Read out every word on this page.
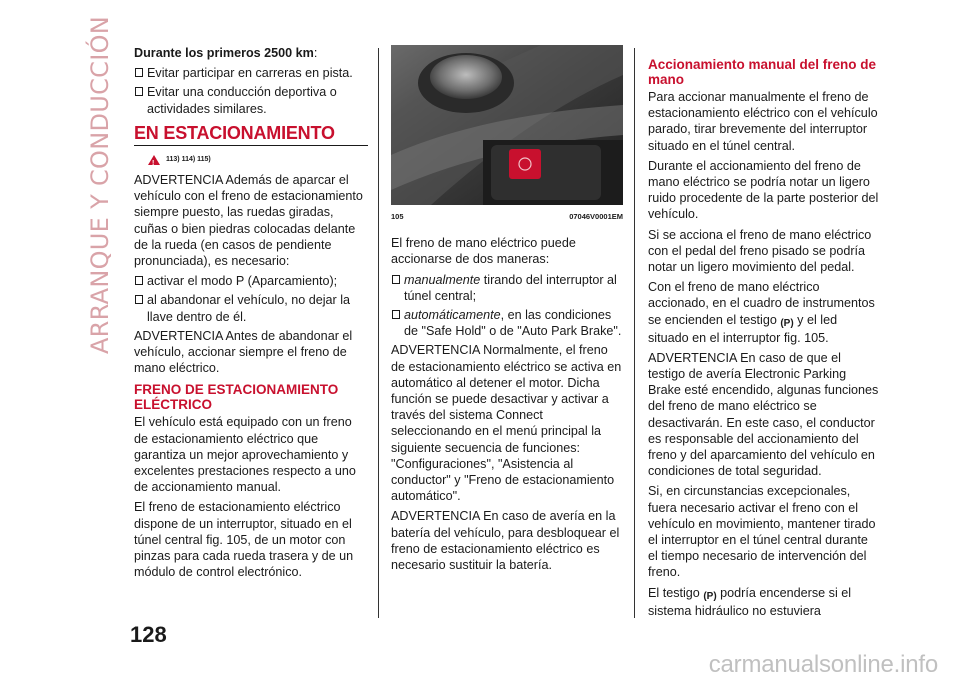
ARRANQUE Y CONDUCCIÓN Durante los primeros 2500 km:

Evitar participar en carreras en pista.
Evitar una conducción deportiva o actividades similares.
EN ESTACIONAMIENTO
!
113) 114) 115)

ADVERTENCIA Además de aparcar el vehículo con el freno de estacionamiento siempre puesto, las ruedas giradas, cuñas o bien piedras colocadas delante de la rueda (en casos de pendiente pronunciada), es necesario:

activar el modo P (Aparcamiento);
al abandonar el vehículo, no dejar la llave dentro de él.

ADVERTENCIA Antes de abandonar el vehículo, accionar siempre el freno de mano eléctrico.

FRENO DE ESTACIONAMIENTO ELÉCTRICO

El vehículo está equipado con un freno de estacionamiento eléctrico que garantiza un mejor aprovechamiento y excelentes prestaciones respecto a uno de accionamiento manual.

El freno de estacionamiento eléctrico dispone de un interruptor, situado en el túnel central fig. 105, de un motor con pinzas para cada rueda trasera y de un módulo de control electrónico.

105	07046V0001EM

El freno de mano eléctrico puede accionarse de dos maneras:

manualmente tirando del interruptor al túnel central;
automáticamente, en las condiciones de "Safe Hold" o de "Auto Park Brake".

ADVERTENCIA Normalmente, el freno de estacionamiento eléctrico se activa en automático al detener el motor. Dicha función se puede desactivar y activar a través del sistema Connect seleccionando en el menú principal la siguiente secuencia de funciones: "Configuraciones", "Asistencia al conductor" y "Freno de estacionamiento automático".

ADVERTENCIA En caso de avería en la batería del vehículo, para desbloquear el freno de estacionamiento eléctrico es necesario sustituir la batería.

Accionamiento manual del freno de mano

Para accionar manualmente el freno de estacionamiento eléctrico con el vehículo parado, tirar brevemente del interruptor situado en el túnel central.

Durante el accionamiento del freno de mano eléctrico se podría notar un ligero ruido procedente de la parte posterior del vehículo.

Si se acciona el freno de mano eléctrico con el pedal del freno pisado se podría notar un ligero movimiento del pedal.

Con el freno de mano eléctrico accionado, en el cuadro de instrumentos se encienden el testigo (P) y el led situado en el interruptor fig. 105.

ADVERTENCIA En caso de que el testigo de avería Electronic Parking Brake esté encendido, algunas funciones del freno de mano eléctrico se desactivarán. En este caso, el conductor es responsable del accionamiento del freno y del aparcamiento del vehículo en condiciones de total seguridad.

Si, en circunstancias excepcionales, fuera necesario activar el freno con el vehículo en movimiento, mantener tirado el interruptor en el túnel central durante el tiempo necesario de intervención del freno.

El testigo (P) podría encenderse si el sistema hidráulico no estuviera

128
carmanualsonline.info
